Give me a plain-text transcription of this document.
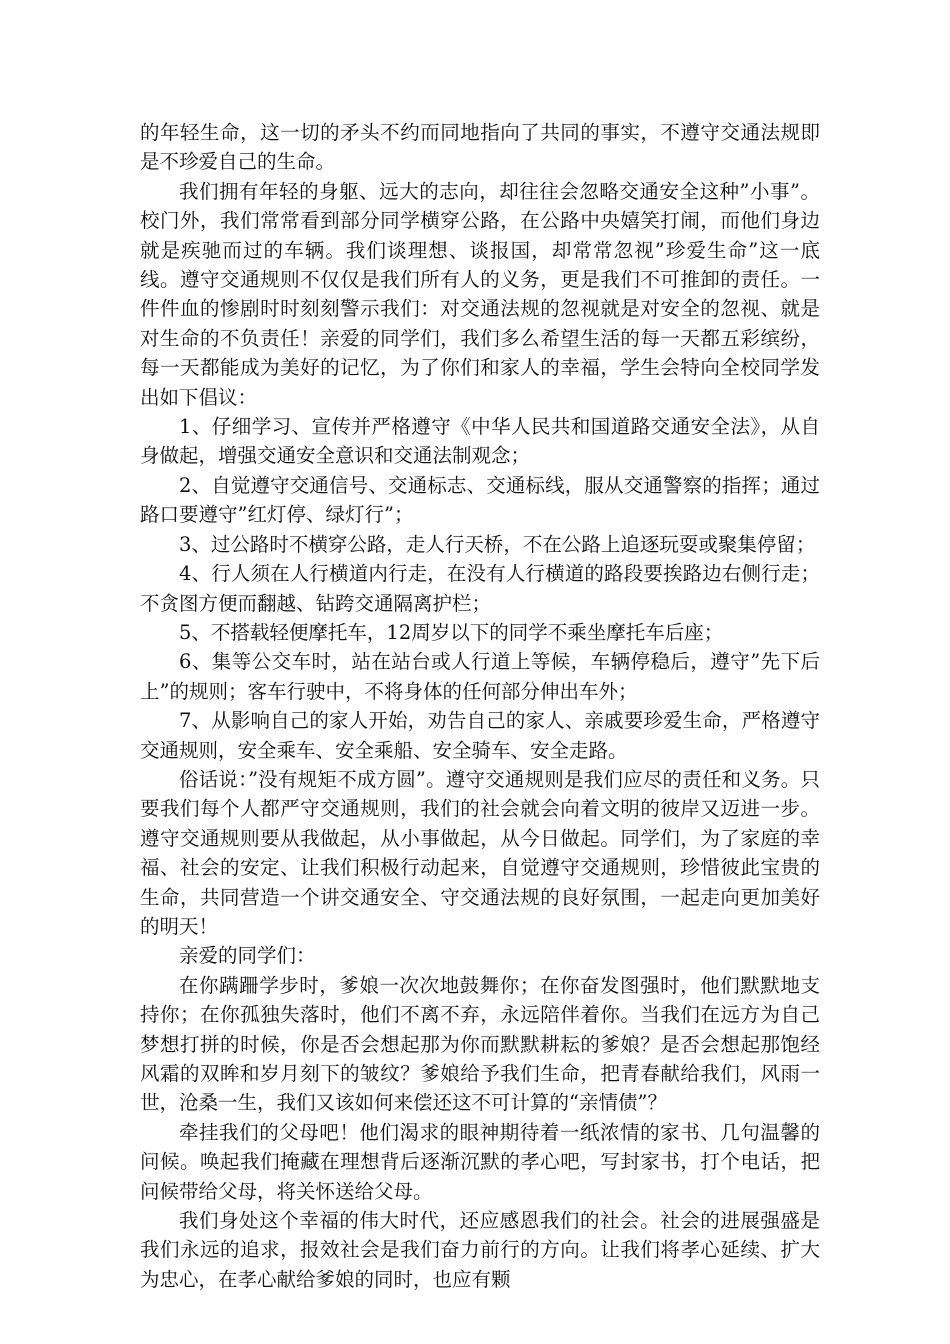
的年轻生命，这一切的矛头不约而同地指向了共同的事实，不遵守交通法规即是不珍爱自己的生命。

我们拥有年轻的身躯、远大的志向，却往往会忽略交通安全这种”小事”。校门外，我们常常看到部分同学横穿公路，在公路中央嬉笑打闹，而他们身边就是疾驰而过的车辆。我们谈理想、谈报国，却常常忽视”珍爱生命”这一底线。遵守交通规则不仅仅是我们所有人的义务，更是我们不可推卸的责任。一件件血的惨剧时时刻刻警示我们：对交通法规的忽视就是对安全的忽视、就是对生命的不负责任！亲爱的同学们，我们多么希望生活的每一天都五彩缤纷，每一天都能成为美好的记忆，为了你们和家人的幸福，学生会特向全校同学发出如下倡议：

1、仔细学习、宣传并严格遵守《中华人民共和国道路交通安全法》，从自身做起，增强交通安全意识和交通法制观念；

2、自觉遵守交通信号、交通标志、交通标线，服从交通警察的指挥；通过路口要遵守”红灯停、绿灯行”；

3、过公路时不横穿公路，走人行天桥，不在公路上追逐玩耍或聚集停留；

4、行人须在人行横道内行走，在没有人行横道的路段要挨路边右侧行走；不贪图方便而翻越、钻跨交通隔离护栏；

5、不搭载轻便摩托车，12周岁以下的同学不乘坐摩托车后座；

6、集等公交车时，站在站台或人行道上等候，车辆停稳后，遵守”先下后上”的规则；客车行驶中，不将身体的任何部分伸出车外；

7、从影响自己的家人开始，劝告自己的家人、亲戚要珍爱生命，严格遵守交通规则，安全乘车、安全乘船、安全骑车、安全走路。

俗话说：”没有规矩不成方圆”。遵守交通规则是我们应尽的责任和义务。只要我们每个人都严守交通规则，我们的社会就会向着文明的彼岸又迈进一步。遵守交通规则要从我做起，从小事做起，从今日做起。同学们，为了家庭的幸福、社会的安定、让我们积极行动起来，自觉遵守交通规则，珍惜彼此宝贵的生命，共同营造一个讲交通安全、守交通法规的良好氛围，一起走向更加美好的明天！

亲爱的同学们：

在你蹒跚学步时，爹娘一次次地鼓舞你；在你奋发图强时，他们默默地支持你；在你孤独失落时，他们不离不弃，永远陪伴着你。当我们在远方为自己梦想打拼的时候，你是否会想起那为你而默默耕耘的爹娘？是否会想起那饱经风霜的双眸和岁月刻下的皱纹？爹娘给予我们生命，把青春献给我们，风雨一世，沧桑一生，我们又该如何来偿还这不可计算的“亲情债”？

牵挂我们的父母吧！他们渴求的眼神期待着一纸浓情的家书、几句温馨的问候。唤起我们掩藏在理想背后逐渐沉默的孝心吧，写封家书，打个电话，把问候带给父母，将关怀送给父母。

我们身处这个幸福的伟大时代，还应感恩我们的社会。社会的进展强盛是我们永远的追求，报效社会是我们奋力前行的方向。让我们将孝心延续、扩大为忠心，在孝心献给爹娘的同时，也应有颗
